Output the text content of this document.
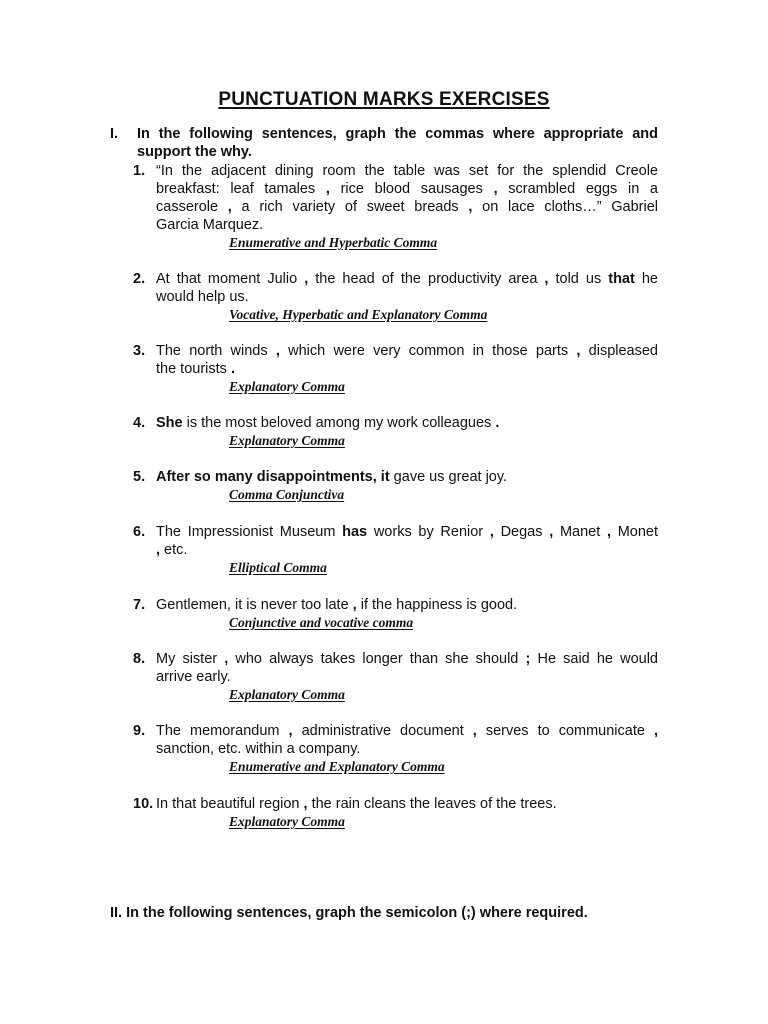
PUNCTUATION MARKS EXERCISES
I. In the following sentences, graph the commas where appropriate and
support the why.
1. “In the adjacent dining room the table was set for the splendid Creole
breakfast: leaf tamales , rice blood sausages , scrambled eggs in a
casserole , a rich variety of sweet breads , on lace cloths…” Gabriel
Garcia Marquez.
Enumerative and Hyperbatic Comma
2. At that moment Julio , the head of the productivity area , told us that he
would help us.
Vocative, Hyperbatic and Explanatory Comma
3. The north winds , which were very common in those parts , displeased
the tourists .
Explanatory Comma
4. She is the most beloved among my work colleagues .
Explanatory Comma
5. After so many disappointments, it gave us great joy.
Comma Conjunctiva
6. The Impressionist Museum has works by Renior , Degas , Manet , Monet
, etc.
Elliptical Comma
7. Gentlemen, it is never too late , if the happiness is good.
Conjunctive and vocative comma
8. My sister , who always takes longer than she should ; He said he would
arrive early.
Explanatory Comma
9. The memorandum , administrative document , serves to communicate ,
sanction, etc. within a company.
Enumerative and Explanatory Comma
10. In that beautiful region , the rain cleans the leaves of the trees.
Explanatory Comma
II. In the following sentences, graph the semicolon (;) where required.
